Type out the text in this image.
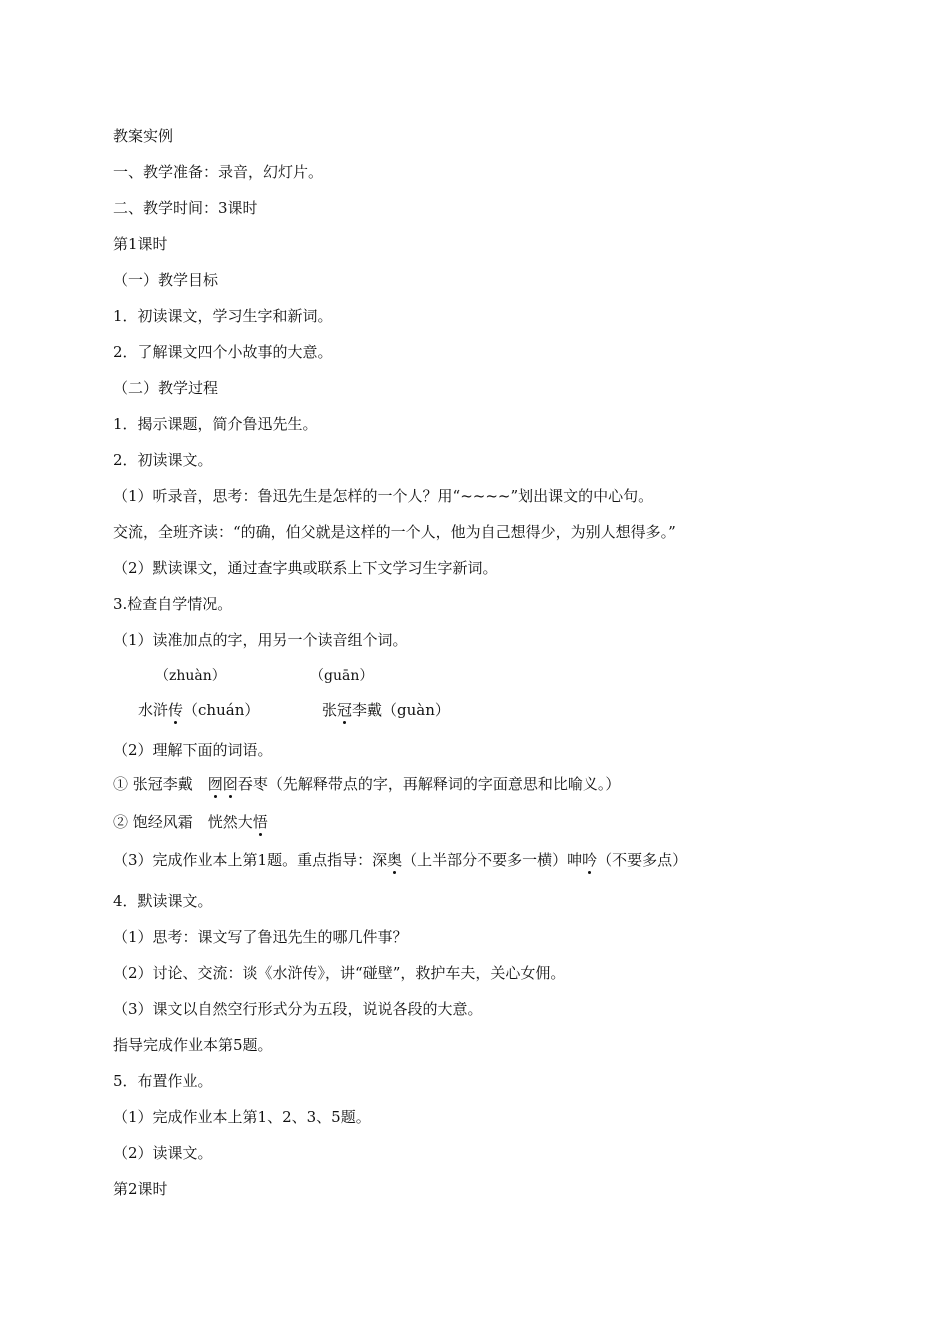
教案实例
一、教学准备：录音，幻灯片。
二、教学时间：3课时
第1课时
（一）教学目标
1．初读课文，学习生字和新词。
2．了解课文四个小故事的大意。
（二）教学过程
1．揭示课题，简介鲁迅先生。
2．初读课文。
（1）听录音，思考：鲁迅先生是怎样的一个人？用“~~~~”划出课文的中心句。
交流，全班齐读：“的确，伯父就是这样的一个人，他为自己想得少，为别人想得多。”
（2）默读课文，通过查字典或联系上下文学习生字新词。
3.检查自学情况。
（1）读准加点的字，用另一个读音组个词。
（zhuàn）	（guān）
水浒传（chuán）	张冠李戴（guàn）
（2）理解下面的词语。
① 张冠李戴　囫囵吞枣（先解释带点的字，再解释词的字面意思和比喻义。）
② 饱经风霜　恍然大悟
（3）完成作业本上第1题。重点指导：深奥（上半部分不要多一横）呻吟（不要多点）
4．默读课文。
（1）思考：课文写了鲁迅先生的哪几件事？
（2）讨论、交流：谈《水浒传》，讲“碰壁”，救护车夫，关心女佣。
（3）课文以自然空行形式分为五段，说说各段的大意。
指导完成作业本第5题。
5．布置作业。
（1）完成作业本上第1、2、3、5题。
（2）读课文。
第2课时
